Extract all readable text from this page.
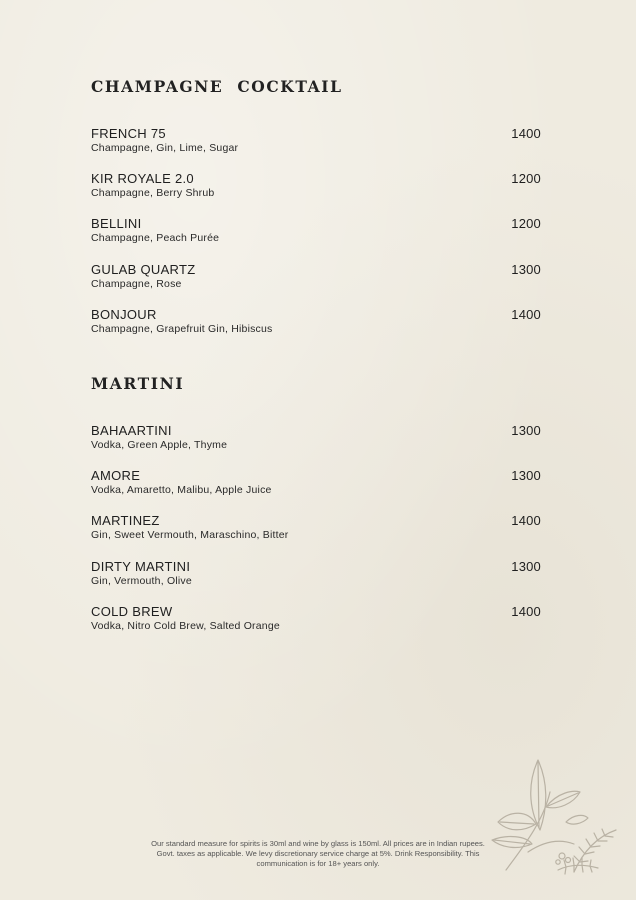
CHAMPAGNE  COCKTAIL
FRENCH 75
Champagne, Gin, Lime, Sugar
1400
KIR ROYALE 2.0
Champagne, Berry Shrub
1200
BELLINI
Champagne, Peach Purée
1200
GULAB QUARTZ
Champagne, Rose
1300
BONJOUR
Champagne, Grapefruit Gin, Hibiscus
1400
MARTINI
BAHAARTINI
Vodka, Green Apple, Thyme
1300
AMORE
Vodka, Amaretto, Malibu, Apple Juice
1300
MARTINEZ
Gin, Sweet Vermouth, Maraschino, Bitter
1400
DIRTY MARTINI
Gin, Vermouth, Olive
1300
COLD BREW
Vodka, Nitro Cold Brew, Salted Orange
1400
Our standard measure for spirits is 30ml and wine by glass is 150ml. All prices are in Indian rupees.
Govt. taxes as applicable. We levy discretionary service charge at 5%. Drink Responsibility. This
communication is for 18+ years only.
